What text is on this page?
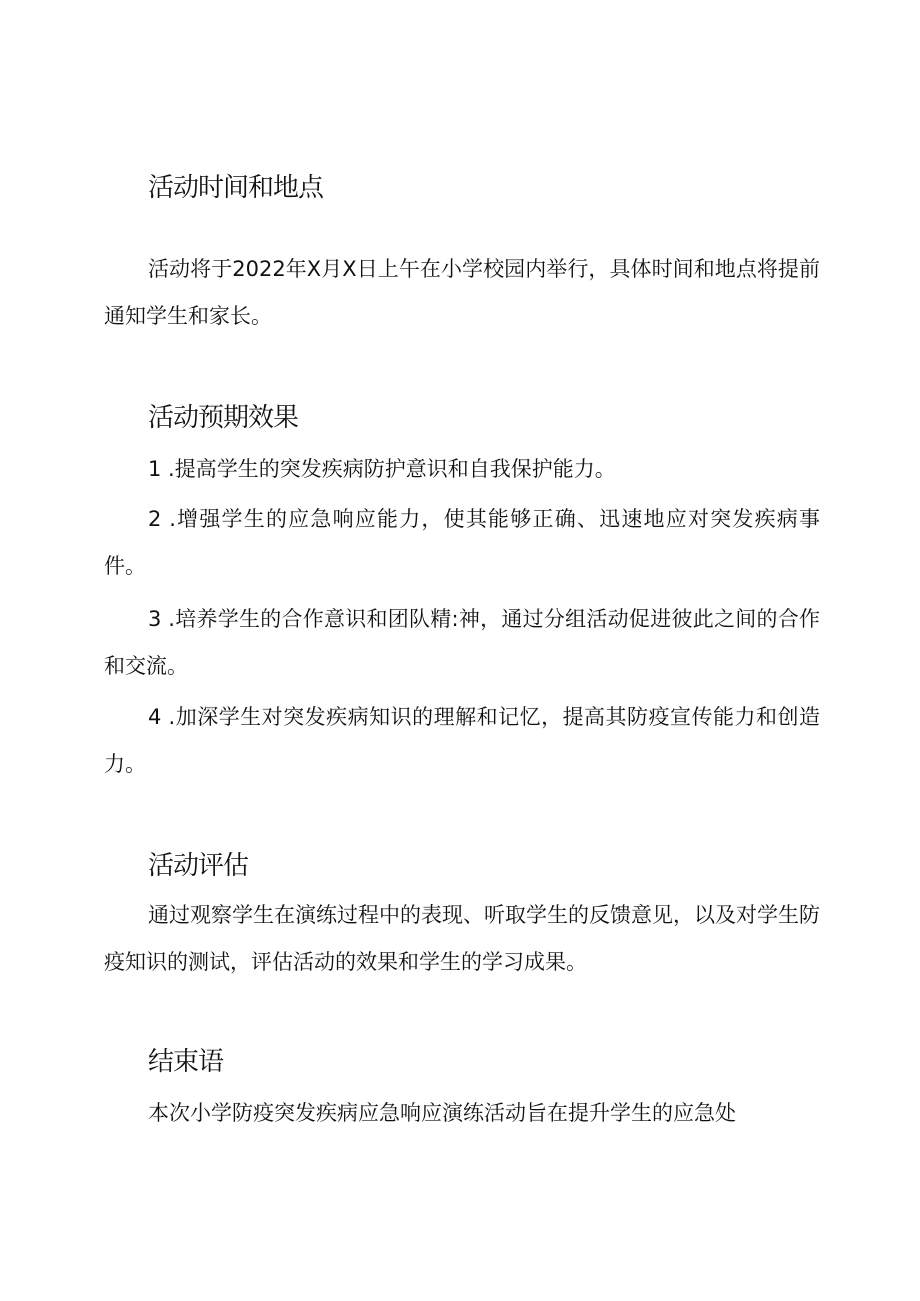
活动时间和地点

活动将于2022年X月X日上午在小学校园内举行，具体时间和地点将提前通知学生和家长。

活动预期效果

1 .提高学生的突发疾病防护意识和自我保护能力。

2 .增强学生的应急响应能力，使其能够正确、迅速地应对突发疾病事件。

3 .培养学生的合作意识和团队精:神，通过分组活动促进彼此之间的合作和交流。

4 .加深学生对突发疾病知识的理解和记忆，提高其防疫宣传能力和创造力。

活动评估

通过观察学生在演练过程中的表现、听取学生的反馈意见，以及对学生防疫知识的测试，评估活动的效果和学生的学习成果。

结束语

本次小学防疫突发疾病应急响应演练活动旨在提升学生的应急处
